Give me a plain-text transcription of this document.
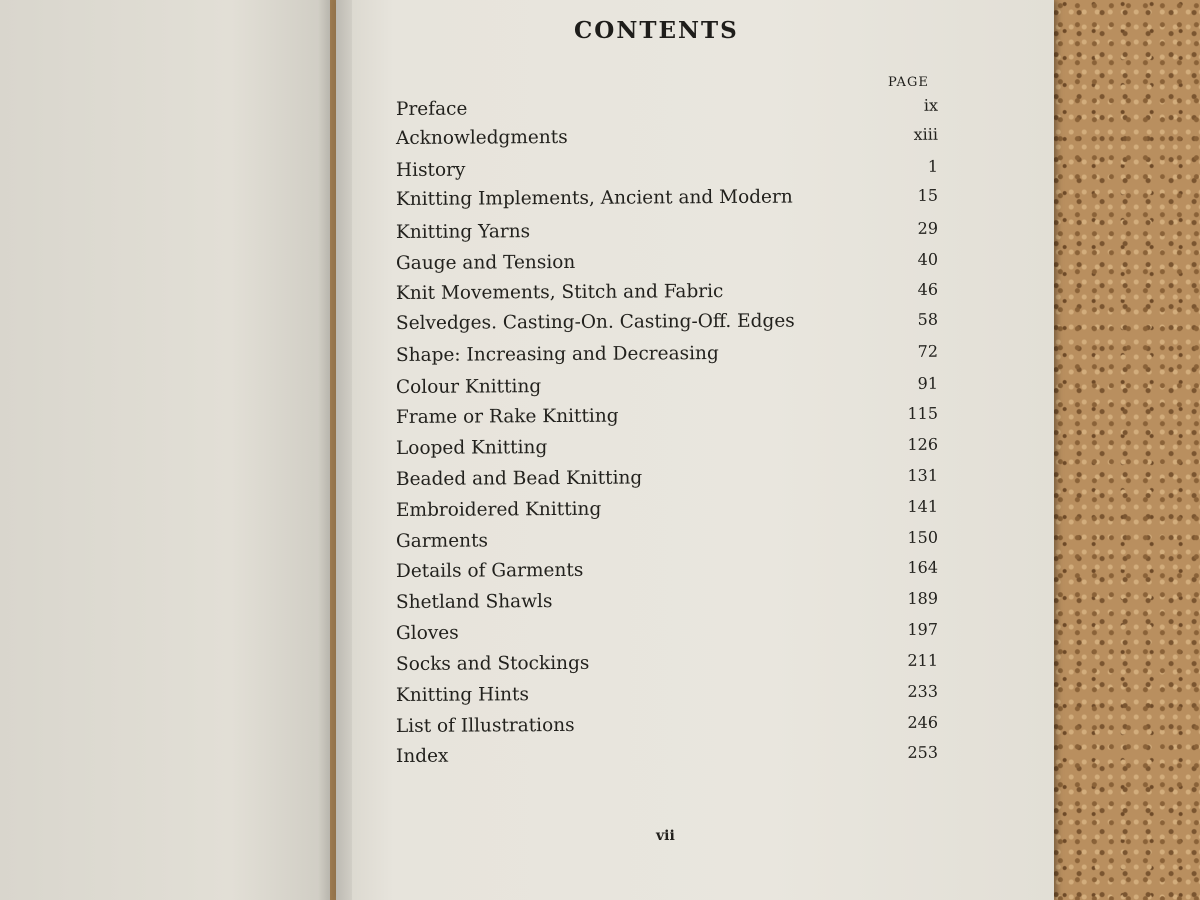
CONTENTS
PAGE
Preface	ix
Acknowledgments	xiii
History	1
Knitting Implements, Ancient and Modern	15
Knitting Yarns	29
Gauge and Tension	40
Knit Movements, Stitch and Fabric	46
Selvedges. Casting-On. Casting-Off. Edges	58
Shape: Increasing and Decreasing	72
Colour Knitting	91
Frame or Rake Knitting	115
Looped Knitting	126
Beaded and Bead Knitting	131
Embroidered Knitting	141
Garments	150
Details of Garments	164
Shetland Shawls	189
Gloves	197
Socks and Stockings	211
Knitting Hints	233
List of Illustrations	246
Index	253
vii
